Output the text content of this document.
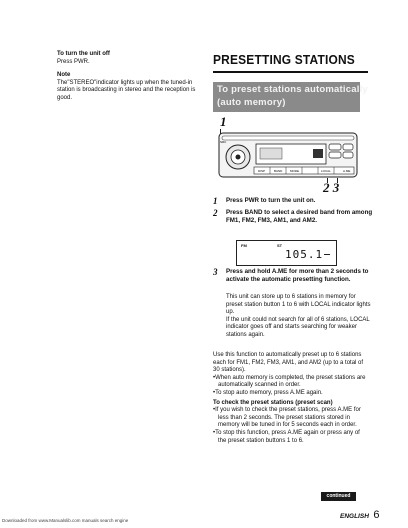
To turn the unit off

Press PWR.

Note

The"STEREO"indicator lights up when the tuned-in station is broadcasting in stereo and the reception is good.

PRESETTING STATIONS
To preset stations automatically
(auto memory)
1
SRC
DISP	BAND	MODE	LOCAL	A.ME
2 3
1 Press PWR to turn the unit on.
2 Press BAND to select a desired band from among FM1, FM2, FM3, AM1, and AM2.
FM	ST
105.1
3 Press and hold A.ME for more than 2 seconds to activate the automatic presetting function.

This unit can store up to 6 stations in memory for preset station button 1 to 6 with LOCAL indicator lights up.

If the unit could not search for all of 6 stations, LOCAL indicator goes off and starts searching for weaker stations again.

Use this function to automatically preset up to 6 stations each for FM1, FM2, FM3, AM1, and AM2 (up to a total of 30 stations).

•When auto memory is completed, the preset stations are automatically scanned in order.

•To stop auto memory, press A.ME again.

To check the preset stations (preset scan)

•If you wish to check the preset stations, press A.ME for less than 2 seconds. The preset stations stored in memory will be tuned in for 5 seconds each in order.

•To stop this function, press A.ME again or press any of the preset station buttons 1 to 6.

continued
ENGLISH 6
Downloaded from www.Manualslib.com manuals search engine
